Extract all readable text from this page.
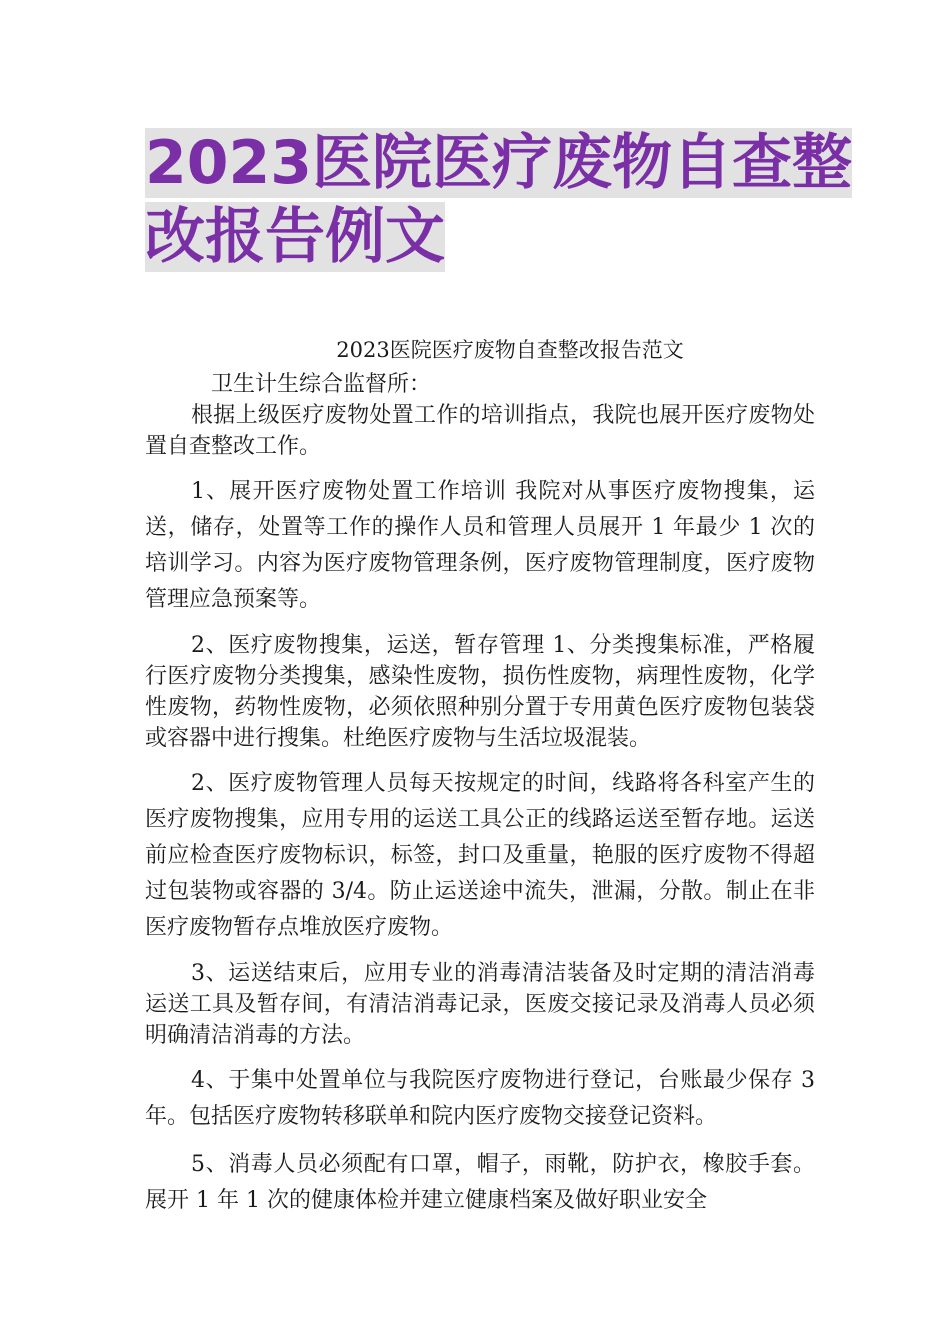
2023医院医疗废物自查整
改报告例文
2023医院医疗废物自查整改报告范文
卫生计生综合监督所：

根据上级医疗废物处置工作的培训指点，我院也展开医疗废物处置自查整改工作。

1、展开医疗废物处置工作培训 我院对从事医疗废物搜集，运送，储存，处置等工作的操作人员和管理人员展开 1 年最少 1 次的培训学习。内容为医疗废物管理条例，医疗废物管理制度，医疗废物管理应急预案等。

2、医疗废物搜集，运送，暂存管理 1、分类搜集标准，严格履行医疗废物分类搜集，感染性废物，损伤性废物，病理性废物，化学性废物，药物性废物，必须依照种别分置于专用黄色医疗废物包装袋或容器中进行搜集。杜绝医疗废物与生活垃圾混装。

2、医疗废物管理人员每天按规定的时间，线路将各科室产生的医疗废物搜集，应用专用的运送工具公正的线路运送至暂存地。运送前应检查医疗废物标识，标签，封口及重量，艳服的医疗废物不得超过包装物或容器的 3/4。防止运送途中流失，泄漏，分散。制止在非医疗废物暂存点堆放医疗废物。

3、运送结束后，应用专业的消毒清洁装备及时定期的清洁消毒运送工具及暂存间，有清洁消毒记录，医废交接记录及消毒人员必须明确清洁消毒的方法。

4、于集中处置单位与我院医疗废物进行登记，台账最少保存 3 年。包括医疗废物转移联单和院内医疗废物交接登记资料。

5、消毒人员必须配有口罩，帽子，雨靴，防护衣，橡胶手套。展开 1 年 1 次的健康体检并建立健康档案及做好职业安全
